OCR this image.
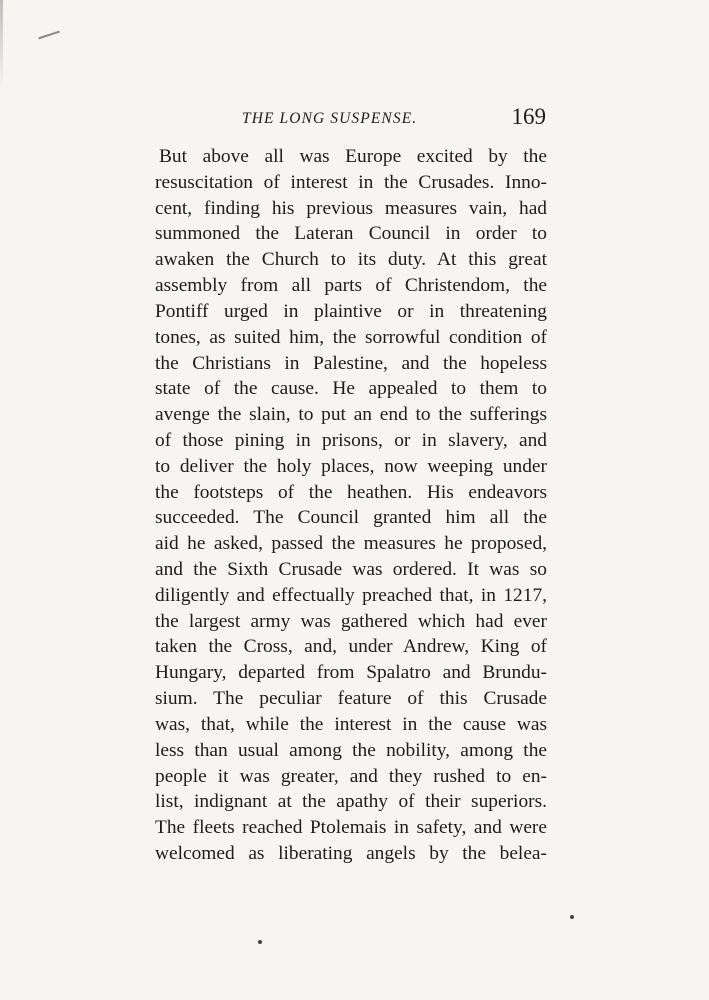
THE LONG SUSPENSE.	169
But above all was Europe excited by the
resuscitation of interest in the Crusades. Inno-
cent, finding his previous measures vain, had
summoned the Lateran Council in order to
awaken the Church to its duty. At this great
assembly from all parts of Christendom, the
Pontiff urged in plaintive or in threatening
tones, as suited him, the sorrowful condition of
the Christians in Palestine, and the hopeless
state of the cause. He appealed to them to
avenge the slain, to put an end to the sufferings
of those pining in prisons, or in slavery, and
to deliver the holy places, now weeping under
the footsteps of the heathen. His endeavors
succeeded. The Council granted him all the
aid he asked, passed the measures he proposed,
and the Sixth Crusade was ordered. It was so
diligently and effectually preached that, in 1217,
the largest army was gathered which had ever
taken the Cross, and, under Andrew, King of
Hungary, departed from Spalatro and Brundu-
sium. The peculiar feature of this Crusade
was, that, while the interest in the cause was
less than usual among the nobility, among the
people it was greater, and they rushed to en-
list, indignant at the apathy of their superiors.
The fleets reached Ptolemais in safety, and were
welcomed as liberating angels by the belea-
